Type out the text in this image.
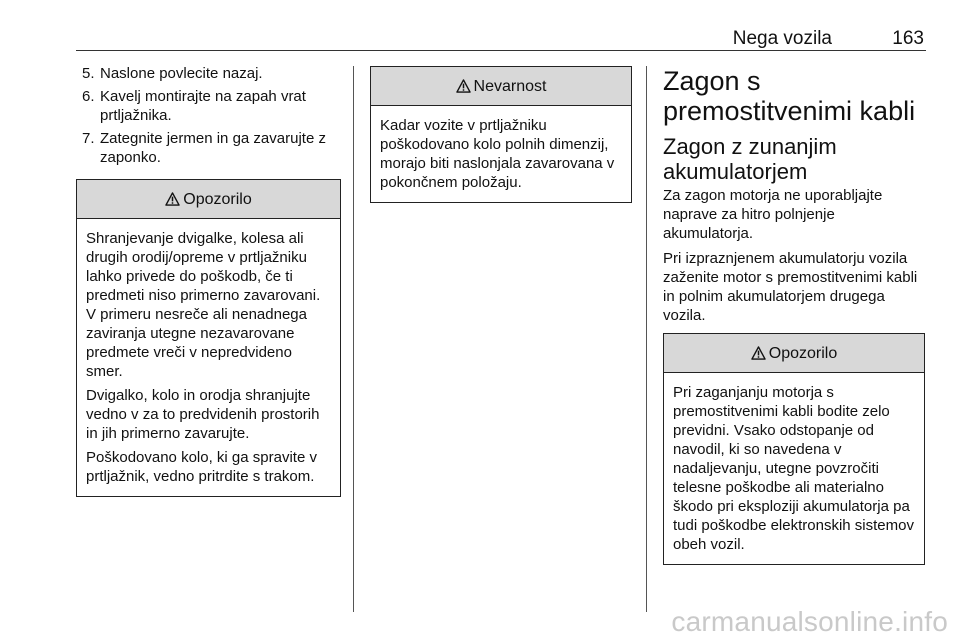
Nega vozila	163
5. Naslone povlecite nazaj.
6. Kavelj montirajte na zapah vrat prtljažnika.
7. Zategnite jermen in ga zavarujte z zaponko.
Opozorilo

Shranjevanje dvigalke, kolesa ali drugih orodij/opreme v prtljažniku lahko privede do poškodb, če ti predmeti niso primerno zavarovani. V primeru nesreče ali nenadnega zaviranja utegne nezavarovane predmete vreči v nepredvideno smer.

Dvigalko, kolo in orodja shranjujte vedno v za to predvidenih prostorih in jih primerno zavarujte.

Poškodovano kolo, ki ga spravite v prtljažnik, vedno pritrdite s trakom.

Nevarnost

Kadar vozite v prtljažniku poškodovano kolo polnih dimenzij, morajo biti naslonjala zavarovana v pokončnem položaju.

Zagon s premostitvenimi kabli
Zagon z zunanjim akumulatorjem

Za zagon motorja ne uporabljajte naprave za hitro polnjenje akumulatorja.

Pri izpraznjenem akumulatorju vozila zaženite motor s premostitvenimi kabli in polnim akumulatorjem drugega vozila.

Opozorilo

Pri zaganjanju motorja s premostitvenimi kabli bodite zelo previdni. Vsako odstopanje od navodil, ki so navedena v nadaljevanju, utegne povzročiti telesne poškodbe ali materialno škodo pri eksploziji akumulatorja pa tudi poškodbe elektronskih sistemov obeh vozil.

carmanualsonline.info
